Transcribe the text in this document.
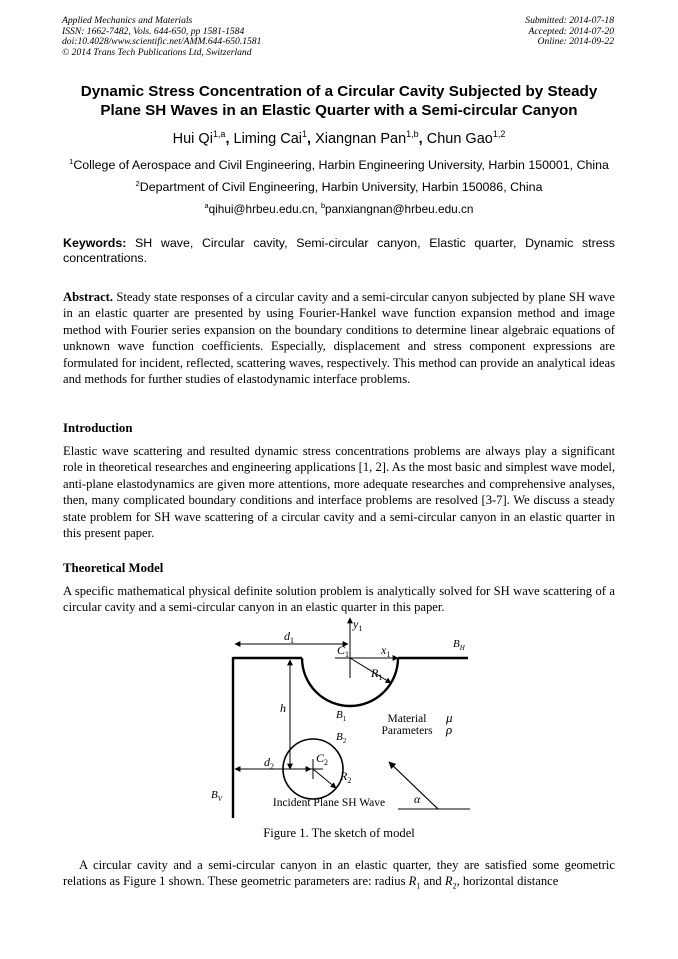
Applied Mechanics and Materials
ISSN: 1662-7482, Vols. 644-650, pp 1581-1584
doi:10.4028/www.scientific.net/AMM.644-650.1581
© 2014 Trans Tech Publications Ltd, Switzerland
Submitted: 2014-07-18
Accepted: 2014-07-20
Online: 2014-09-22
Dynamic Stress Concentration of a Circular Cavity Subjected by Steady
Plane SH Waves in an Elastic Quarter with a Semi-circular Canyon
Hui Qi$^{1,a}$, Liming Cai$^1$, Xiangnan Pan$^{1,b}$, Chun Gao$^{1,2}$
$^1$College of Aerospace and Civil Engineering, Harbin Engineering University, Harbin 150001, China
$^2$Department of Civil Engineering, Harbin University, Harbin 150086, China
$^a$qihui@hrbeu.edu.cn, $^b$panxiangnan@hrbeu.edu.cn
Keywords: SH wave, Circular cavity, Semi-circular canyon, Elastic quarter, Dynamic stress concentrations.
Abstract. Steady state responses of a circular cavity and a semi-circular canyon subjected by plane SH wave in an elastic quarter are presented by using Fourier-Hankel wave function expansion method and image method with Fourier series expansion on the boundary conditions to determine linear algebraic equations of unknown wave function coefficients. Especially, displacement and stress component expressions are formulated for incident, reflected, scattering waves, respectively. This method can provide an analytical ideas and methods for further studies of elastodynamic interface problems.
Introduction
Elastic wave scattering and resulted dynamic stress concentrations problems are always play a significant role in theoretical researches and engineering applications [1, 2]. As the most basic and simplest wave model, anti-plane elastodynamics are given more attentions, more adequate researches and comprehensive analyses, then, many complicated boundary conditions and interface problems are resolved [3-7]. We discuss a steady state problem for SH wave scattering of a circular cavity and a semi-circular canyon in an elastic quarter in this present paper.
Theoretical Model
A specific mathematical physical definite solution problem is analytically solved for SH wave scattering of a circular cavity and a semi-circular canyon in an elastic quarter in this paper.
$d_1$
$y_1$
$x_1$
$C_1$
$R_1$
$B_H$
h	$B_1$
$B_2$
$C_2$
$R_2$
$d_2$
$B_V$
μ
ρ
α
Material
Parameters
Incident Plane SH Wave
Figure 1. The sketch of model
A circular cavity and a semi-circular canyon in an elastic quarter, they are satisfied some geometric relations as Figure 1 shown. These geometric parameters are: radius $R_1$ and $R_2$, horizontal distance
